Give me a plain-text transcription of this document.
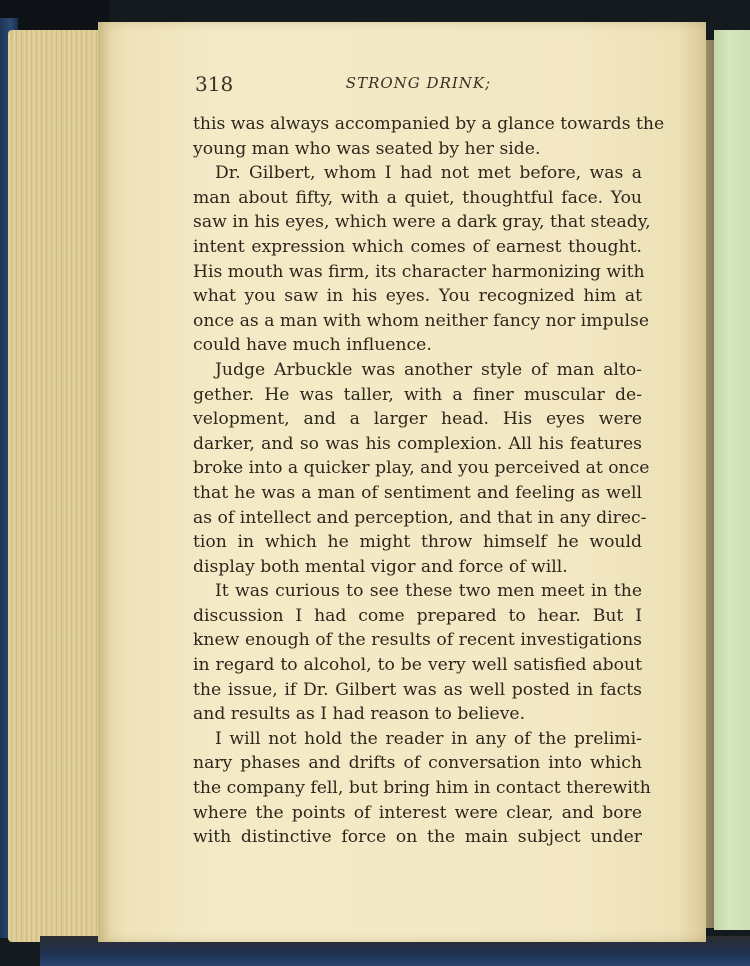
318	STRONG DRINK;
this was always accompanied by a glance towards the
young man who was seated by her side.
Dr. Gilbert, whom I had not met before, was a
man about fifty, with a quiet, thoughtful face. You
saw in his eyes, which were a dark gray, that steady,
intent expression which comes of earnest thought.
His mouth was firm, its character harmonizing with
what you saw in his eyes. You recognized him at
once as a man with whom neither fancy nor impulse
could have much influence.
Judge Arbuckle was another style of man alto-
gether. He was taller, with a finer muscular de-
velopment, and a larger head. His eyes were
darker, and so was his complexion. All his features
broke into a quicker play, and you perceived at once
that he was a man of sentiment and feeling as well
as of intellect and perception, and that in any direc-
tion in which he might throw himself he would
display both mental vigor and force of will.
It was curious to see these two men meet in the
discussion I had come prepared to hear. But I
knew enough of the results of recent investigations
in regard to alcohol, to be very well satisfied about
the issue, if Dr. Gilbert was as well posted in facts
and results as I had reason to believe.
I will not hold the reader in any of the prelimi-
nary phases and drifts of conversation into which
the company fell, but bring him in contact therewith
where the points of interest were clear, and bore
with distinctive force on the main subject under
